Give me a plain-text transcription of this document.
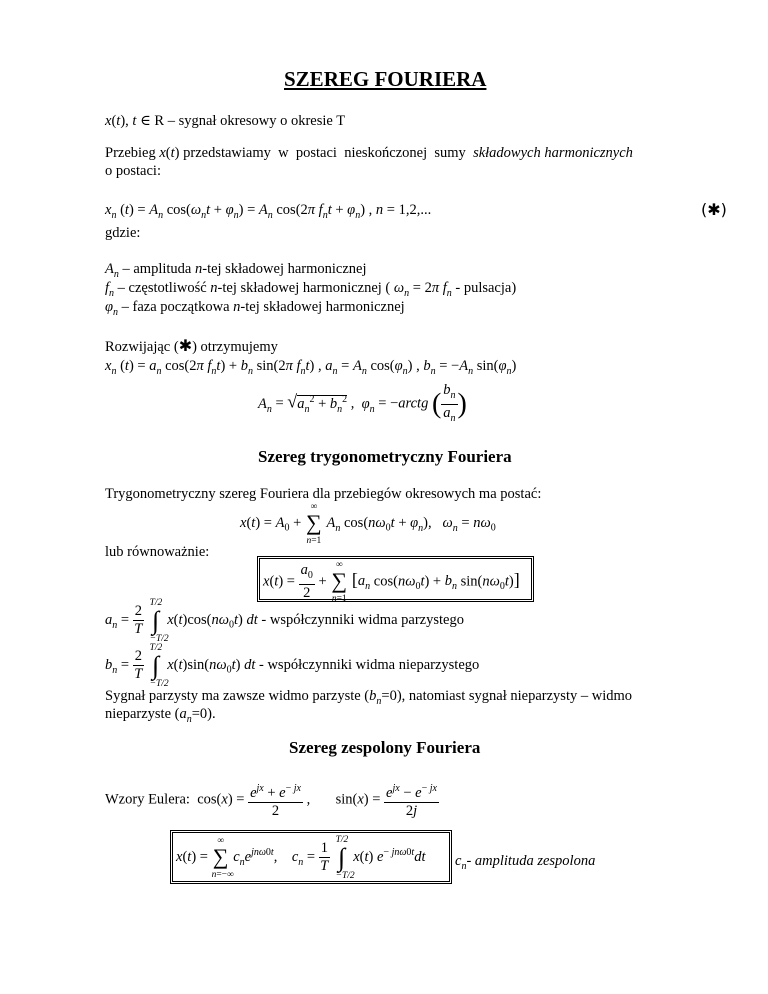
SZEREG FOURIERA
x(t), t ∈ R – sygnał okresowy o okresie T
Przebieg x(t) przedstawiamy  w  postaci  nieskończonej  sumy  składowych harmonicznych
o postaci:
$x_n$ $(t) = A_n$ $\cos(\omega_nt + \varphi_n) = A_n$ cos(2π $f_nt + \varphi_n$) , n = 1,2,...	(✱)
gdzie:
$A_n$ – amplituda n-tej składowej harmonicznej
$f_n$ – częstotliwość n-tej składowej harmonicznej ( $\omega_n = 2\pi$ $f_n$ - pulsacja)
$\varphi_n$ – faza początkowa n-tej składowej harmonicznej
Rozwijając (✱) otrzymujemy
$x_n$ $(t) = a_n$ cos(2π $f_nt) + b_n$ sin(2π $f_nt$) , $a_n = A_n$ $\cos(\varphi_n)$ , $b_n = -A_n$ $\sin(\varphi_n)$
$A_n = √a_n^2 + b_n^2$ ,  $\varphi_n$ = −arctg ( $\frac{b_n}{a_n}$ )
Szereg trygonometryczny Fouriera
Trygonometryczny szereg Fouriera dla przebiegów okresowych ma postać:
$x(t) = A_0$ +
∞
∑
n=1
$A_n$ $\cos(n\omega_0t + \varphi_n)$,   $\omega_n = n\omega_0$
lub równoważnie:
$x(t) = \frac{a_0}{2}$ +
∞
∑
n=1
[$a_n$ $\cos(n\omega_0t) + b_n$ $\sin(n\omega_0t)$]
$a_n = \frac{2}{T}$

T/2
∫
−T/2
$x(t)\cos(n\omega_0t)$ dt - współczynniki widma parzystego
$b_n = \frac{2}{T}$

T/2
∫
−T/2
$x(t)\sin(n\omega_0t)$ dt - współczynniki widma nieparzystego
Sygnał parzysty ma zawsze widmo parzyste $(b_n=0)$, natomiast sygnał nieparzysty – widmo
nieparzyste $(a_n=0)$.
Szereg zespolony Fouriera
Wzory Eulera:  $\cos(x) = \frac{e^{jx} + e^{- jx}}{2}$ ,       $\sin(x) = \frac{e^{jx} - e^{- jx}}{2j}$
x(t) =
∞
∑
n=−∞
$c_ne^{jn\omega 0t}$,    $c_n = \frac{1}{T}$

T/2
∫
−T/2
x(t) $e^{- jn\omega 0t}dt$ $c_n-$ amplituda zespolona
